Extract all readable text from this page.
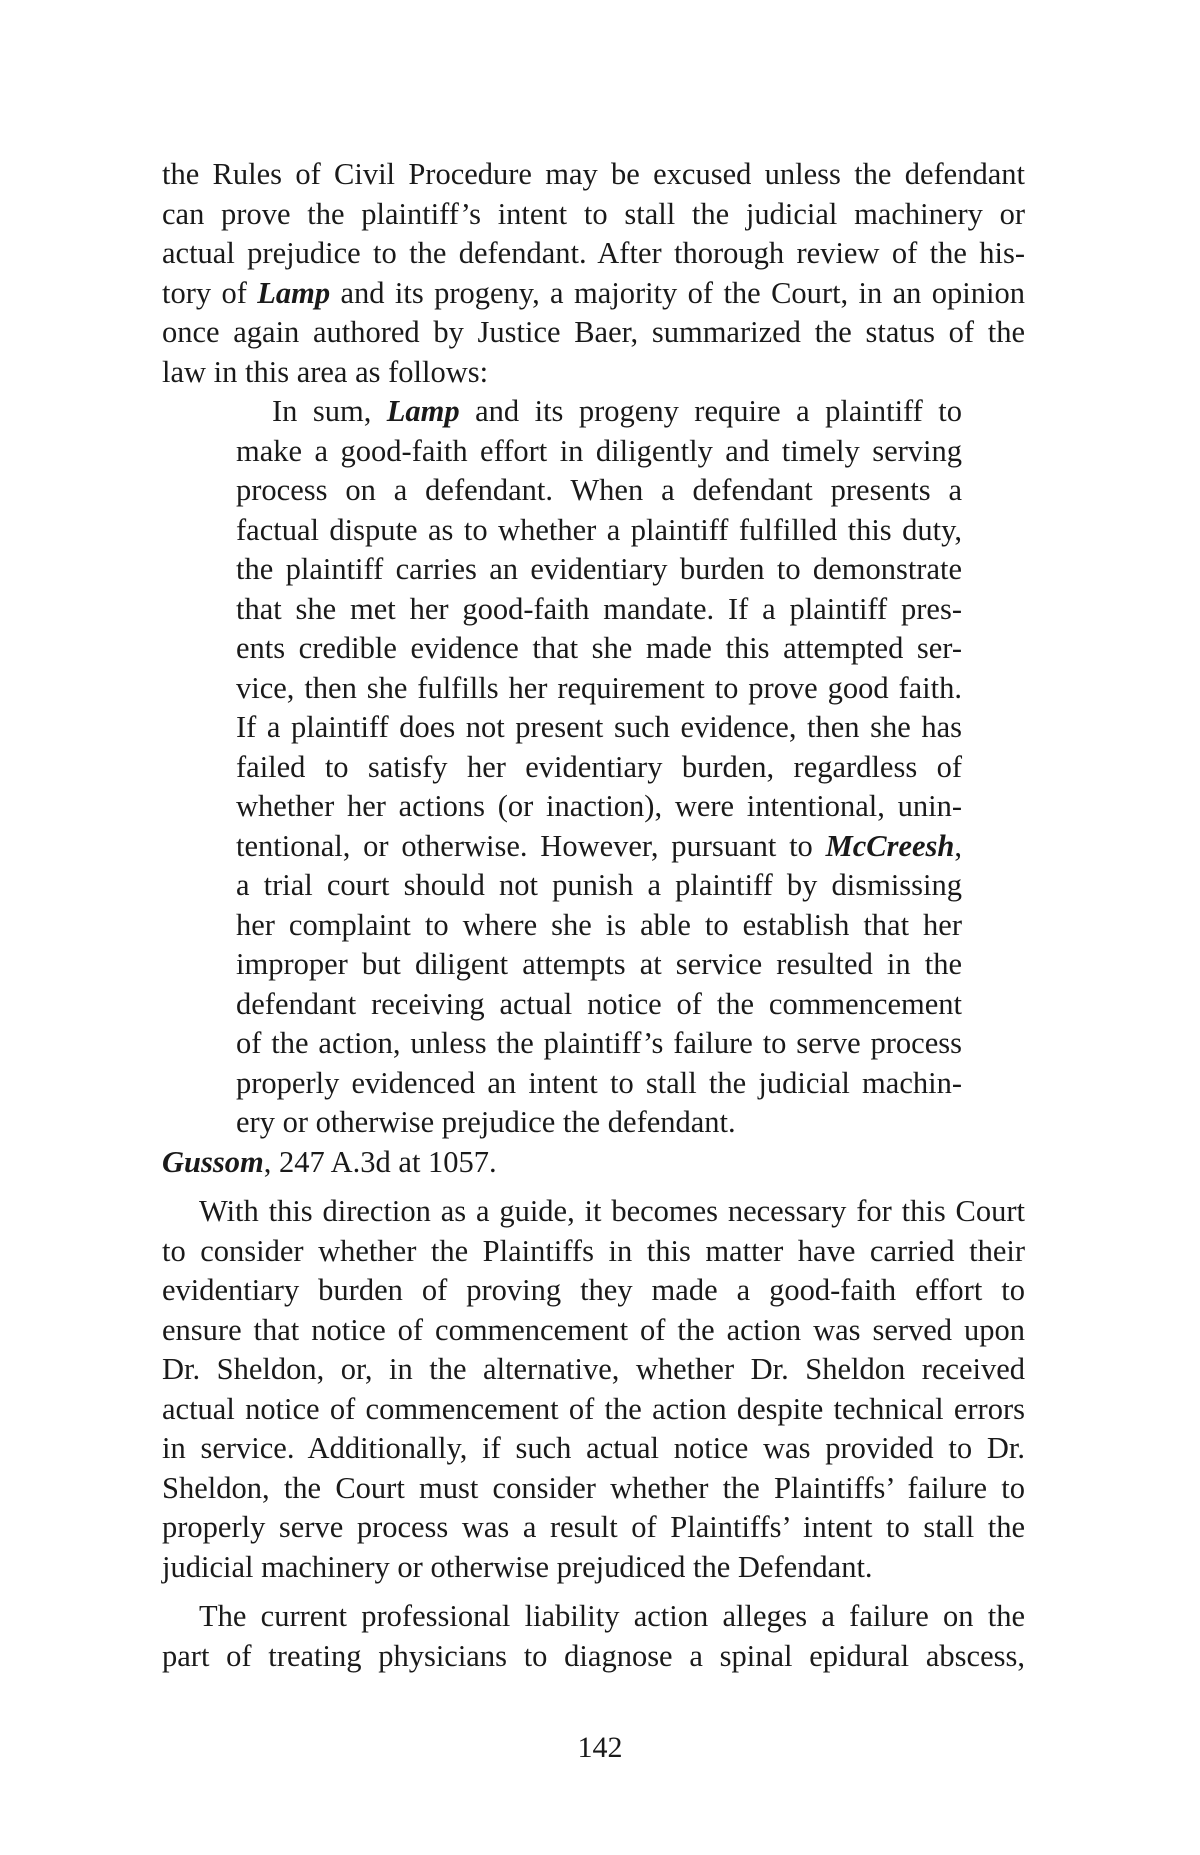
the Rules of Civil Procedure may be excused unless the defendant
can prove the plaintiff’s intent to stall the judicial machinery or
actual prejudice to the defendant. After thorough review of the his-
tory of Lamp and its progeny, a majority of the Court, in an opinion
once again authored by Justice Baer, summarized the status of the
law in this area as follows:
In sum, Lamp and its progeny require a plaintiff to
make a good-faith effort in diligently and timely serving
process on a defendant. When a defendant presents a
factual dispute as to whether a plaintiff fulfilled this duty,
the plaintiff carries an evidentiary burden to demonstrate
that she met her good-faith mandate. If a plaintiff pres-
ents credible evidence that she made this attempted ser-
vice, then she fulfills her requirement to prove good faith.
If a plaintiff does not present such evidence, then she has
failed to satisfy her evidentiary burden, regardless of
whether her actions (or inaction), were intentional, unin-
tentional, or otherwise. However, pursuant to McCreesh,
a trial court should not punish a plaintiff by dismissing
her complaint to where she is able to establish that her
improper but diligent attempts at service resulted in the
defendant receiving actual notice of the commencement
of the action, unless the plaintiff’s failure to serve process
properly evidenced an intent to stall the judicial machin-
ery or otherwise prejudice the defendant.
Gussom, 247 A.3d at 1057.
With this direction as a guide, it becomes necessary for this Court
to consider whether the Plaintiffs in this matter have carried their
evidentiary burden of proving they made a good-faith effort to
ensure that notice of commencement of the action was served upon
Dr. Sheldon, or, in the alternative, whether Dr. Sheldon received
actual notice of commencement of the action despite technical errors
in service. Additionally, if such actual notice was provided to Dr.
Sheldon, the Court must consider whether the Plaintiffs’ failure to
properly serve process was a result of Plaintiffs’ intent to stall the
judicial machinery or otherwise prejudiced the Defendant.
The current professional liability action alleges a failure on the
part of treating physicians to diagnose a spinal epidural abscess,
142
